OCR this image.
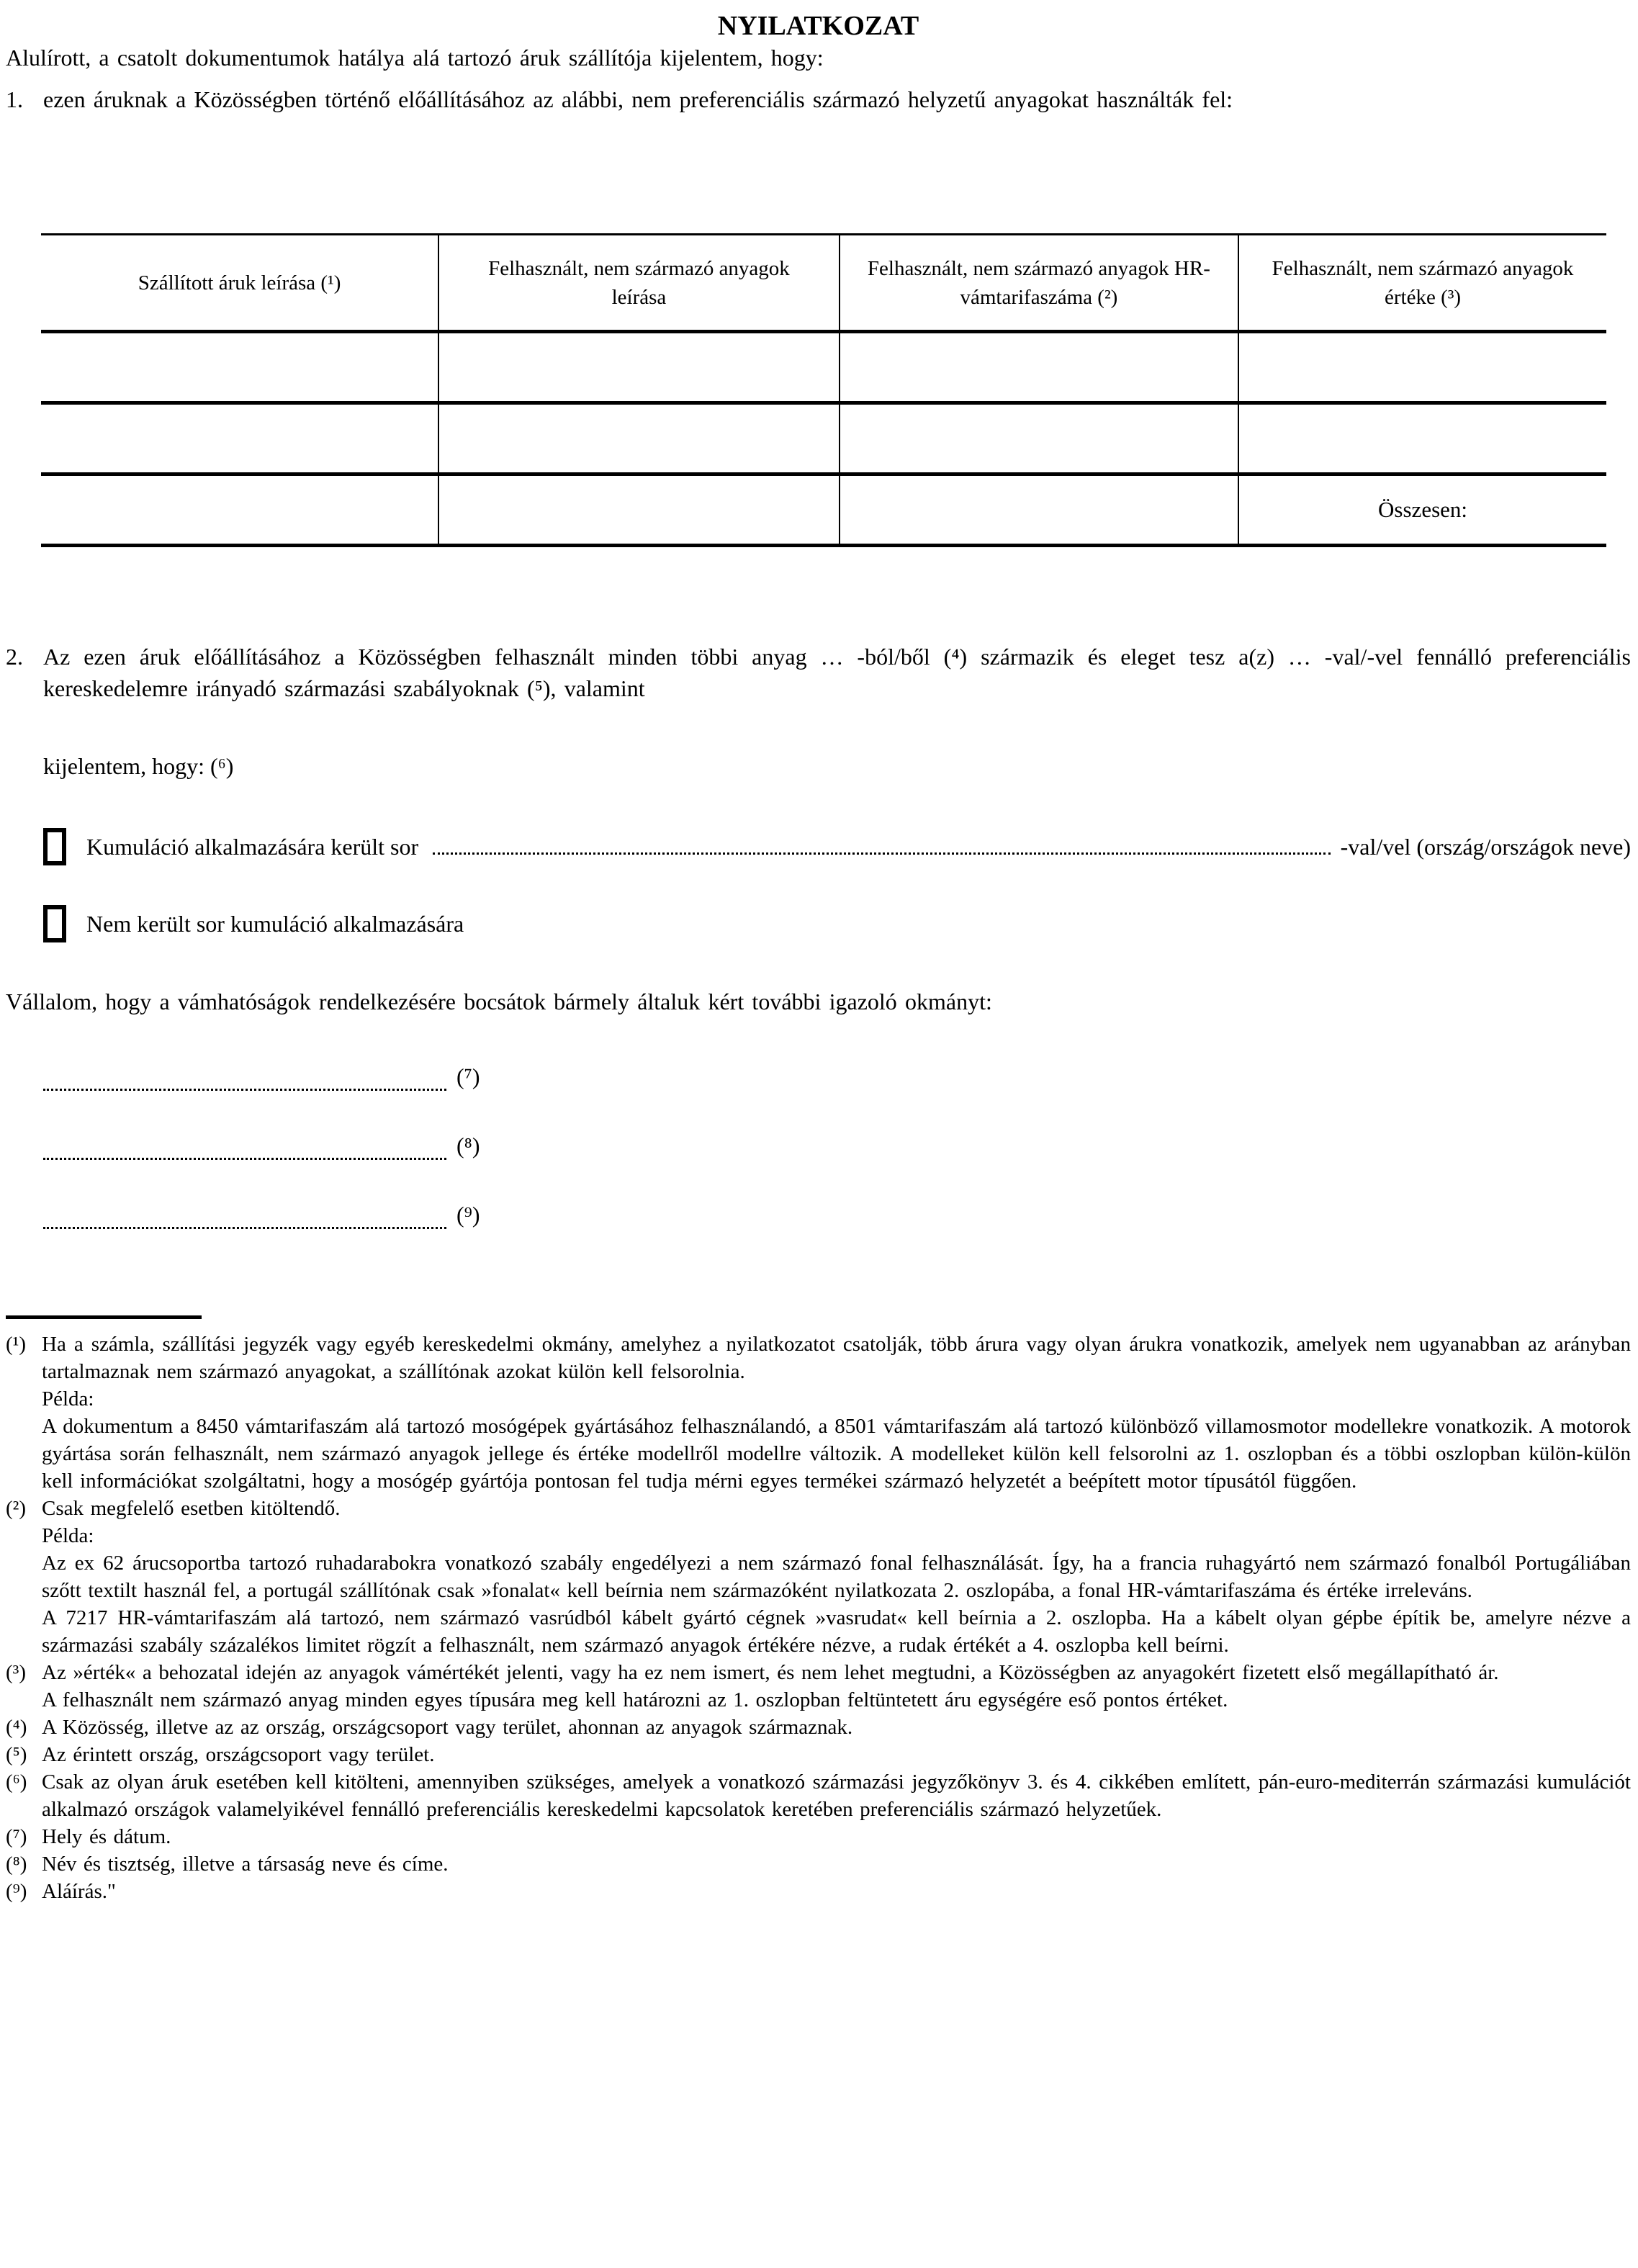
NYILATKOZAT
Alulírott, a csatolt dokumentumok hatálya alá tartozó áruk szállítója kijelentem, hogy:
1. ezen áruknak a Közösségben történő előállításához az alábbi, nem preferenciális származó helyzetű anyagokat használták fel:
Szállított áruk leírása (¹)	Felhasznált, nem származó anyagok leírása	Felhasznált, nem származó anyagok HR-vámtarifaszáma (²)	Felhasznált, nem származó anyagok értéke (³)

			Összesen:
2. Az ezen áruk előállításához a Közösségben felhasznált minden többi anyag … -ból/ből (⁴) származik és eleget tesz a(z) … -val/-vel fennálló preferenciális kereskedelemre irányadó származási szabályoknak (⁵), valamint
kijelentem, hogy: (⁶)
Kumuláció alkalmazására került sor	-val/vel (ország/országok neve)
Nem került sor kumuláció alkalmazására
Vállalom, hogy a vámhatóságok rendelkezésére bocsátok bármely általuk kért további igazoló okmányt:
(⁷)
(⁸)
(⁹)
(¹) Ha a számla, szállítási jegyzék vagy egyéb kereskedelmi okmány, amelyhez a nyilatkozatot csatolják, több árura vagy olyan árukra vonatkozik, amelyek nem ugyanabban az arányban tartalmaznak nem származó anyagokat, a szállítónak azokat külön kell felsorolnia.

Példa:

A dokumentum a 8450 vámtarifaszám alá tartozó mosógépek gyártásához felhasználandó, a 8501 vámtarifaszám alá tartozó különböző villamosmotor modellekre vonatkozik. A motorok gyártása során felhasznált, nem származó anyagok jellege és értéke modellről modellre változik. A modelleket külön kell felsorolni az 1. oszlopban és a többi oszlopban külön-külön kell információkat szolgáltatni, hogy a mosógép gyártója pontosan fel tudja mérni egyes termékei származó helyzetét a beépített motor típusától függően.

(²) Csak megfelelő esetben kitöltendő.

Példa:

Az ex 62 árucsoportba tartozó ruhadarabokra vonatkozó szabály engedélyezi a nem származó fonal felhasználását. Így, ha a francia ruhagyártó nem származó fonalból Portugáliában szőtt textilt használ fel, a portugál szállítónak csak »fonalat« kell beírnia nem származóként nyilatkozata 2. oszlopába, a fonal HR-vámtarifaszáma és értéke irreleváns.

A 7217 HR-vámtarifaszám alá tartozó, nem származó vasrúdból kábelt gyártó cégnek »vasrudat« kell beírnia a 2. oszlopba. Ha a kábelt olyan gépbe építik be, amelyre nézve a származási szabály százalékos limitet rögzít a felhasznált, nem származó anyagok értékére nézve, a rudak értékét a 4. oszlopba kell beírni.

(³) Az »érték« a behozatal idején az anyagok vámértékét jelenti, vagy ha ez nem ismert, és nem lehet megtudni, a Közösségben az anyagokért fizetett első megállapítható ár.

A felhasznált nem származó anyag minden egyes típusára meg kell határozni az 1. oszlopban feltüntetett áru egységére eső pontos értéket.

(⁴) A Közösség, illetve az az ország, országcsoport vagy terület, ahonnan az anyagok származnak.

(⁵) Az érintett ország, országcsoport vagy terület.

(⁶) Csak az olyan áruk esetében kell kitölteni, amennyiben szükséges, amelyek a vonatkozó származási jegyzőkönyv 3. és 4. cikkében említett, pán-euro-mediterrán származási kumulációt alkalmazó országok valamelyikével fennálló preferenciális kereskedelmi kapcsolatok keretében preferenciális származó helyzetűek.

(⁷) Hely és dátum.

(⁸) Név és tisztség, illetve a társaság neve és címe.

(⁹) Aláírás."
